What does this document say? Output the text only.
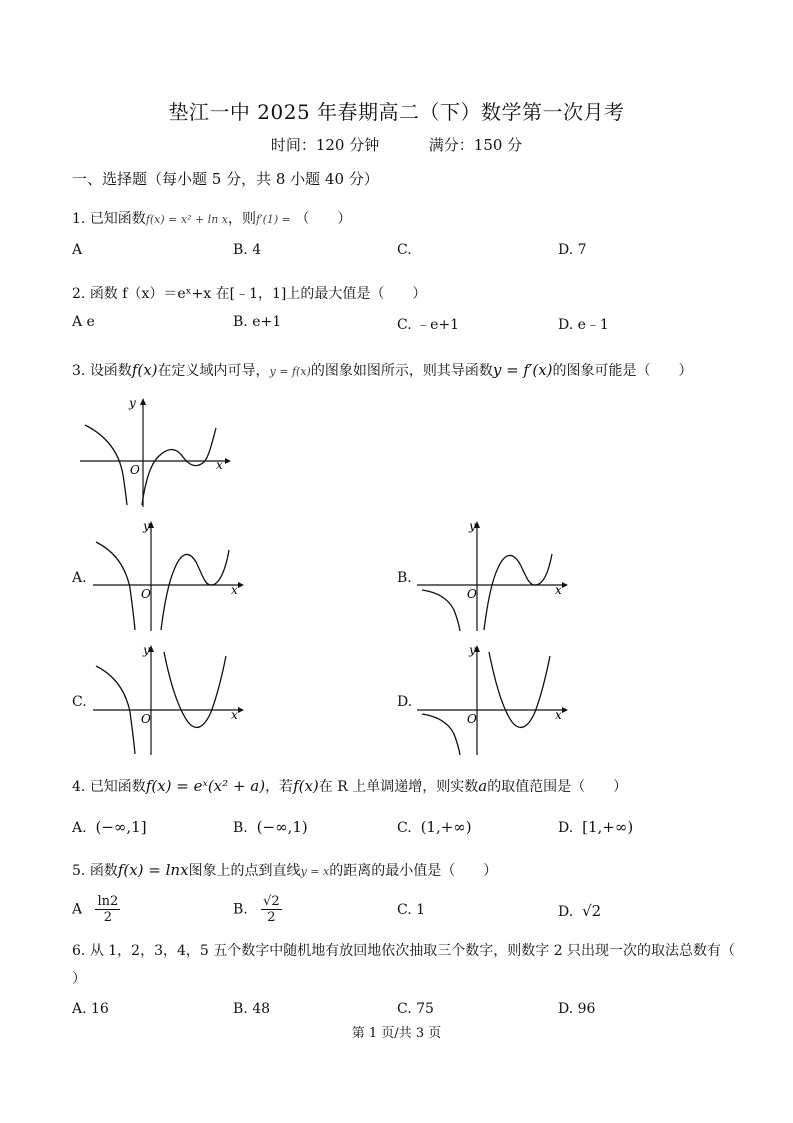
垫江一中 2025 年春期高二（下）数学第一次月考
时间：120 分钟	满分：150 分
一、选择题（每小题 5 分，共 8 小题 40 分）
1. 已知函数f(x) = x² + ln x，则f′(1) = （　　）
A	B. 4	C.	D. 7
2. 函数 f（x）＝eˣ+x 在[﹣1，1]上的最大值是（　　）
A e	B. e+1	C. ﹣e+1	D. e﹣1
3. 设函数f(x)在定义域内可导，y = f(x)的图象如图所示，则其导函数y = f′(x)的图象可能是（　　）
y
x
O
A.
y
x
O
B.
y
x
O
C.
y
x
O
D.
y
x
O
4. 已知函数f(x) = eˣ(x² + a)，若f(x)在 R 上单调递增，则实数a的取值范围是（　　）
A. (−∞,1]	B. (−∞,1)	C. (1,+∞)	D. [1,+∞)
5. 函数f(x) = lnx图象上的点到直线y = x的距离的最小值是（　　）
A $\frac{\ln 2}{2}$	B. $\frac{√2}{2}$	C. 1	D. √2
6. 从 1，2，3，4，5 五个数字中随机地有放回地依次抽取三个数字，则数字 2 只出现一次的取法总数有（
）
A. 16	B. 48	C. 75	D. 96
第 1 页/共 3 页
